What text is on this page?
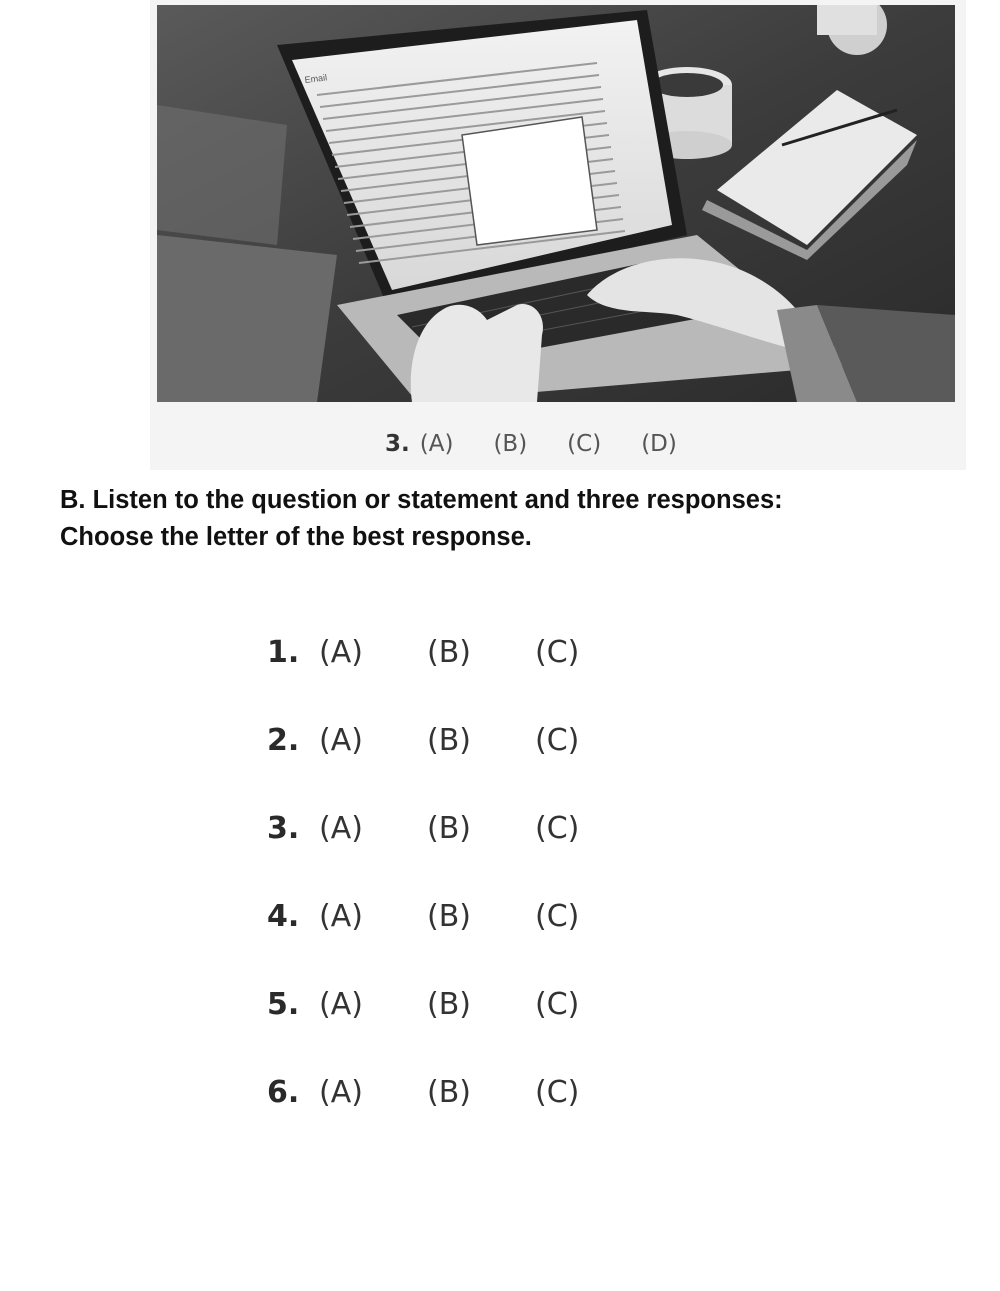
Email
3. (A) (B) (C) (D)
B. Listen to the question or statement and three responses:
Choose the letter of the best response.
1. (A)	(B)	(C)
2. (A)	(B)	(C)
3. (A)	(B)	(C)
4. (A)	(B)	(C)
5. (A)	(B)	(C)
6. (A)	(B)	(C)
